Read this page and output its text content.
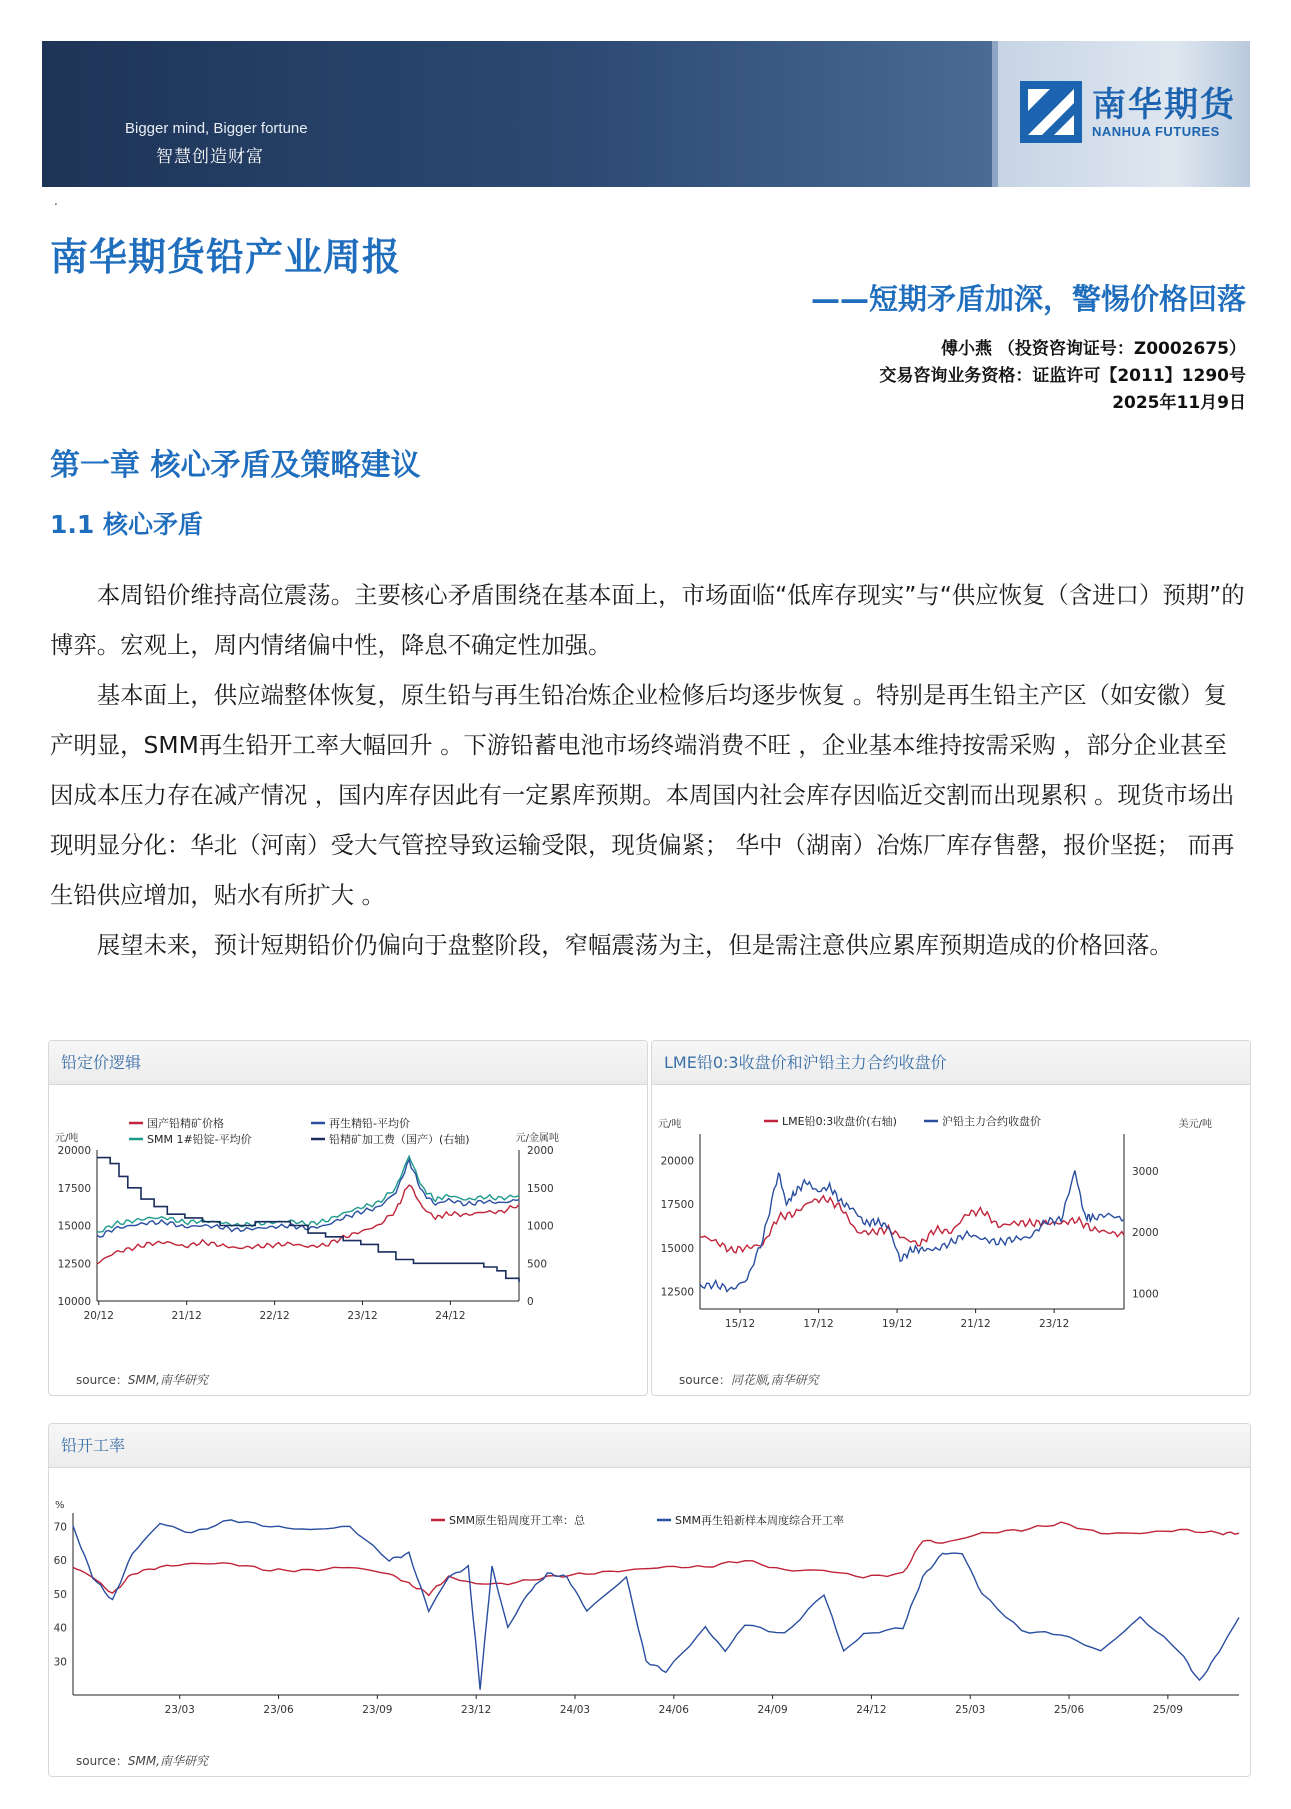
Bigger mind, Bigger fortune
智慧创造财富
南华期货
NANHUA FUTURES
.
南华期货铅产业周报
——短期矛盾加深，警惕价格回落
傅小燕 （投资咨询证号：Z0002675）
交易咨询业务资格：证监许可【2011】1290号
2025年11月9日
第一章 核心矛盾及策略建议
1.1 核心矛盾

本周铅价维持高位震荡。主要核心矛盾围绕在基本面上，市场面临“低库存现实”与“供应恢复（含进口）预期”的博弈。宏观上，周内情绪偏中性，降息不确定性加强。

基本面上，供应端整体恢复，原生铅与再生铅冶炼企业检修后均逐步恢复 。特别是再生铅主产区（如安徽）复产明显，SMM再生铅开工率大幅回升 。下游铅蓄电池市场终端消费不旺 ，企业基本维持按需采购 ，部分企业甚至因成本压力存在减产情况 ，国内库存因此有一定累库预期。本周国内社会库存因临近交割而出现累积 。现货市场出现明显分化：华北（河南）受大气管控导致运输受限，现货偏紧； 华中（湖南）冶炼厂库存售罄，报价坚挺； 而再生铅供应增加，贴水有所扩大 。

展望未来，预计短期铅价仍偏向于盘整阶段，窄幅震荡为主，但是需注意供应累库预期造成的价格回落。

铅定价逻辑
元/吨	元/金属吨
20000
17500
15000
12500
10000
2000
1500
1000
500
0
20/12	21/12	22/12	23/12	24/12
国产铅精矿价格	再生精铅-平均价
SMM 1#铅锭-平均价	铅精矿加工费（国产）(右轴)
source：SMM,南华研究
LME铅0:3收盘价和沪铅主力合约收盘价
元/吨	美元/吨
20000
17500
15000
12500
3000
2000
1000
15/12	17/12	19/12	21/12	23/12
LME铅0:3收盘价(右轴)	沪铅主力合约收盘价
source：同花顺,南华研究
铅开工率
%
70
60
50
40
30
23/03	23/06	23/09	23/12	24/03	24/06	24/09	24/12	25/03	25/06	25/09
SMM原生铅周度开工率：总	SMM再生铅新样本周度综合开工率
source：SMM,南华研究
